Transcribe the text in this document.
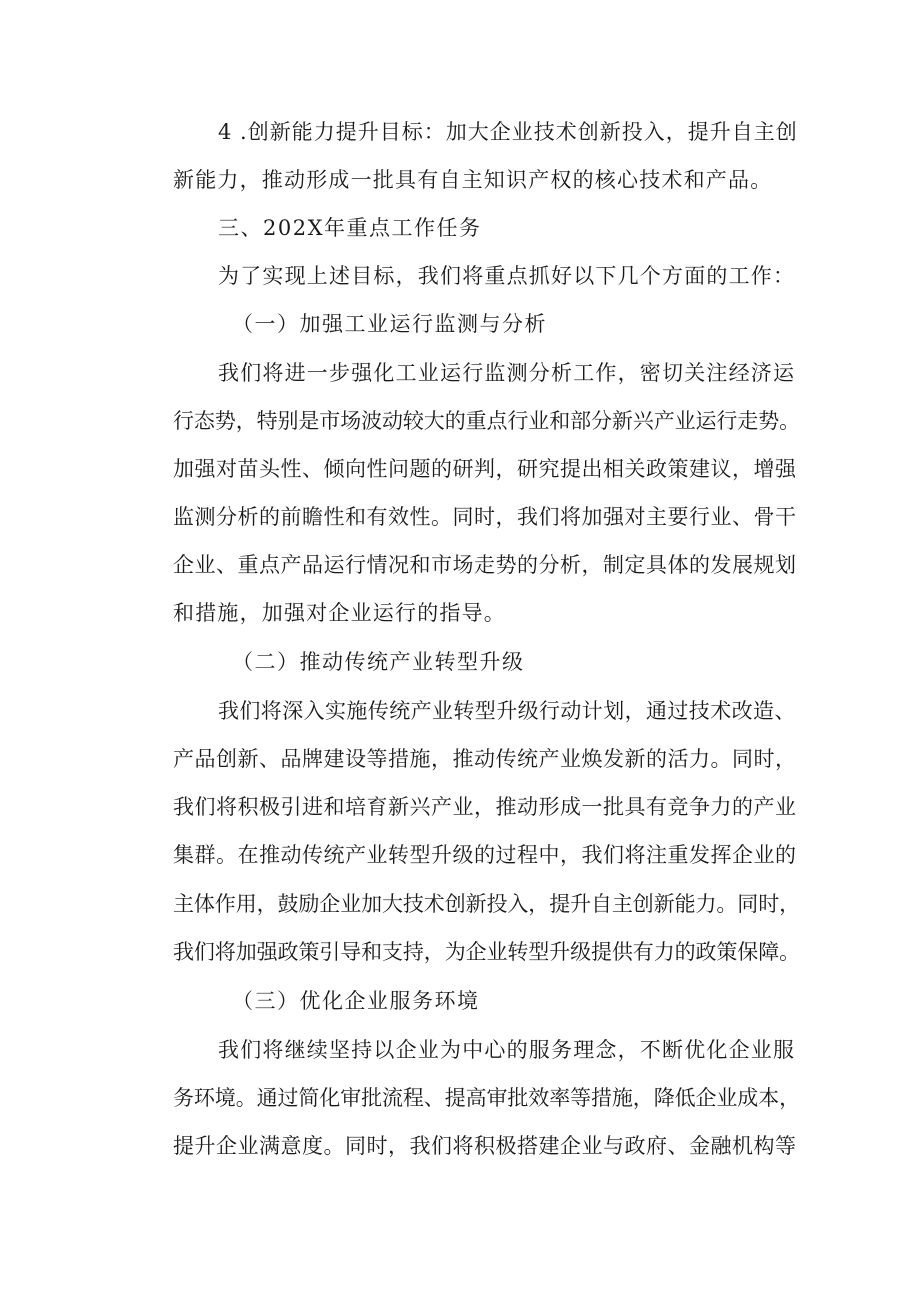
4 .创新能力提升目标：加大企业技术创新投入，提升自主创
新能力，推动形成一批具有自主知识产权的核心技术和产品。
三、202X年重点工作任务
为了实现上述目标，我们将重点抓好以下几个方面的工作：
（一）加强工业运行监测与分析
我们将进一步强化工业运行监测分析工作，密切关注经济运
行态势，特别是市场波动较大的重点行业和部分新兴产业运行走势。
加强对苗头性、倾向性问题的研判，研究提出相关政策建议，增强
监测分析的前瞻性和有效性。同时，我们将加强对主要行业、骨干
企业、重点产品运行情况和市场走势的分析，制定具体的发展规划
和措施，加强对企业运行的指导。
（二）推动传统产业转型升级
我们将深入实施传统产业转型升级行动计划，通过技术改造、
产品创新、品牌建设等措施，推动传统产业焕发新的活力。同时，
我们将积极引进和培育新兴产业，推动形成一批具有竞争力的产业
集群。在推动传统产业转型升级的过程中，我们将注重发挥企业的
主体作用，鼓励企业加大技术创新投入，提升自主创新能力。同时，
我们将加强政策引导和支持，为企业转型升级提供有力的政策保障。
（三）优化企业服务环境
我们将继续坚持以企业为中心的服务理念，不断优化企业服
务环境。通过简化审批流程、提高审批效率等措施，降低企业成本，
提升企业满意度。同时，我们将积极搭建企业与政府、金融机构等
